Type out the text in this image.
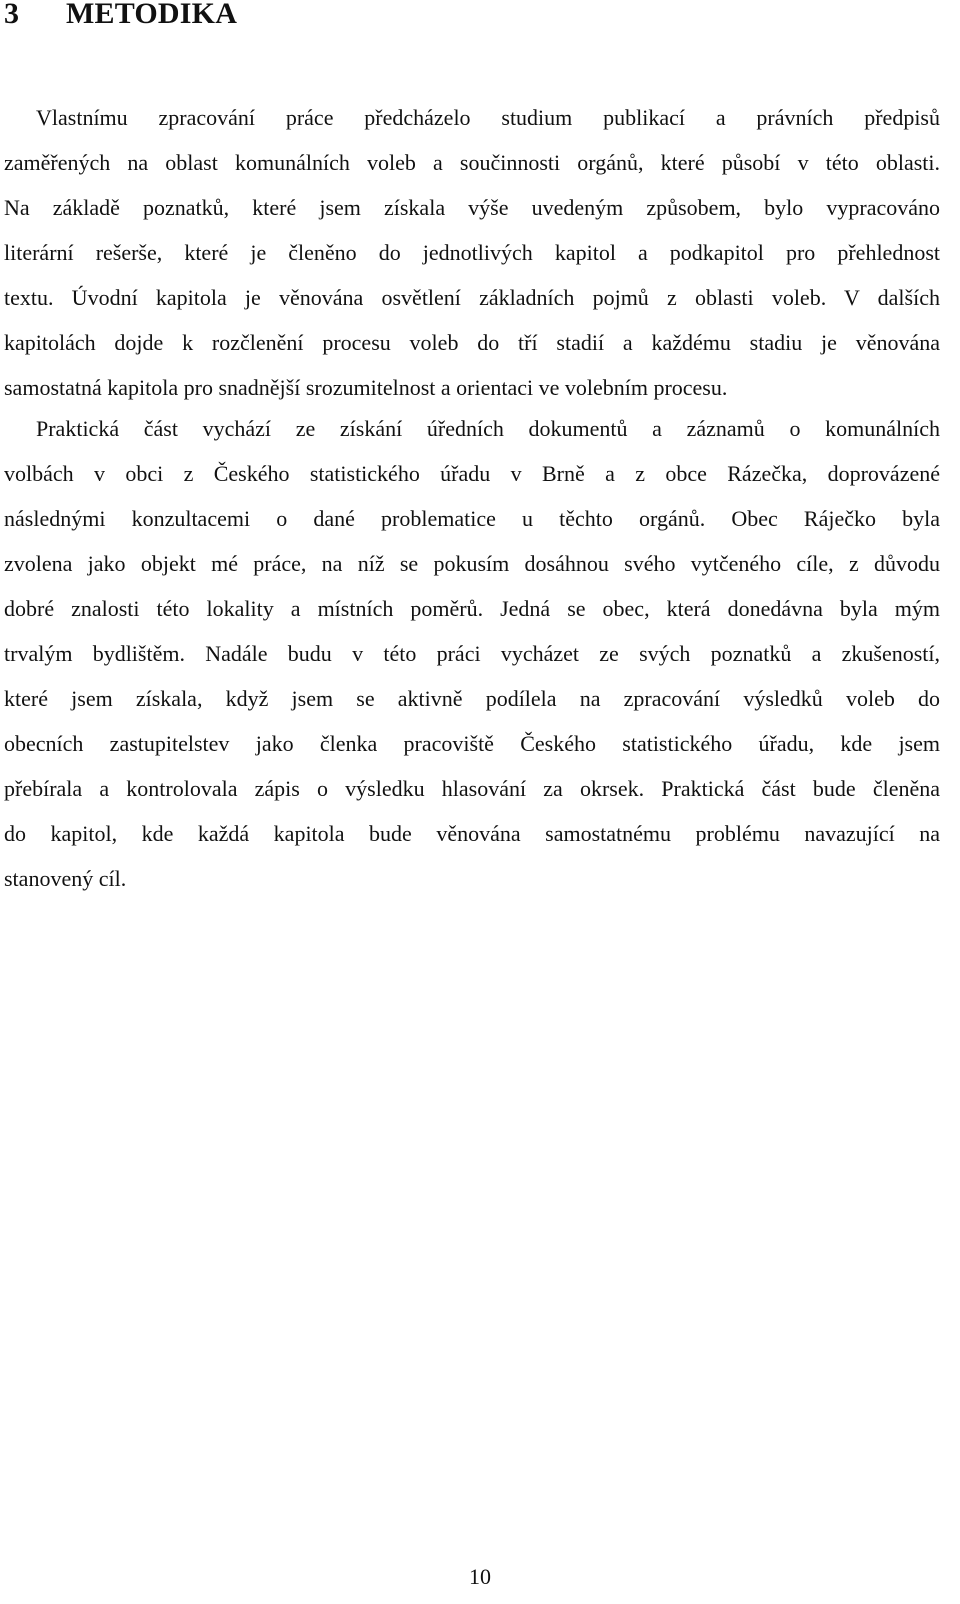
3 METODIKA
Vlastnímu zpracování práce předcházelo studium publikací a právních předpisů
zaměřených na oblast komunálních voleb a součinnosti orgánů, které působí v této oblasti.
Na základě poznatků, které jsem získala výše uvedeným způsobem, bylo vypracováno
literární rešerše, které je členěno do jednotlivých kapitol a podkapitol pro přehlednost
textu. Úvodní kapitola je věnována osvětlení základních pojmů z oblasti voleb. V dalších
kapitolách dojde k rozčlenění procesu voleb do tří stadií a každému stadiu je věnována
samostatná kapitola pro snadnější srozumitelnost a orientaci ve volebním procesu.
Praktická část vychází ze získání úředních dokumentů a záznamů o komunálních
volbách v obci z Českého statistického úřadu v Brně a z obce Rázečka, doprovázené
následnými konzultacemi o dané problematice u těchto orgánů. Obec Ráječko byla
zvolena jako objekt mé práce, na níž se pokusím dosáhnou svého vytčeného cíle, z důvodu
dobré znalosti této lokality a místních poměrů. Jedná se obec, která donedávna byla mým
trvalým bydlištěm. Nadále budu v této práci vycházet ze svých poznatků a zkušeností,
které jsem získala, když jsem se aktivně podílela na zpracování výsledků voleb do
obecních zastupitelstev jako členka pracoviště Českého statistického úřadu, kde jsem
přebírala a kontrolovala zápis o výsledku hlasování za okrsek. Praktická část bude členěna
do kapitol, kde každá kapitola bude věnována samostatnému problému navazující na
stanovený cíl.
10
